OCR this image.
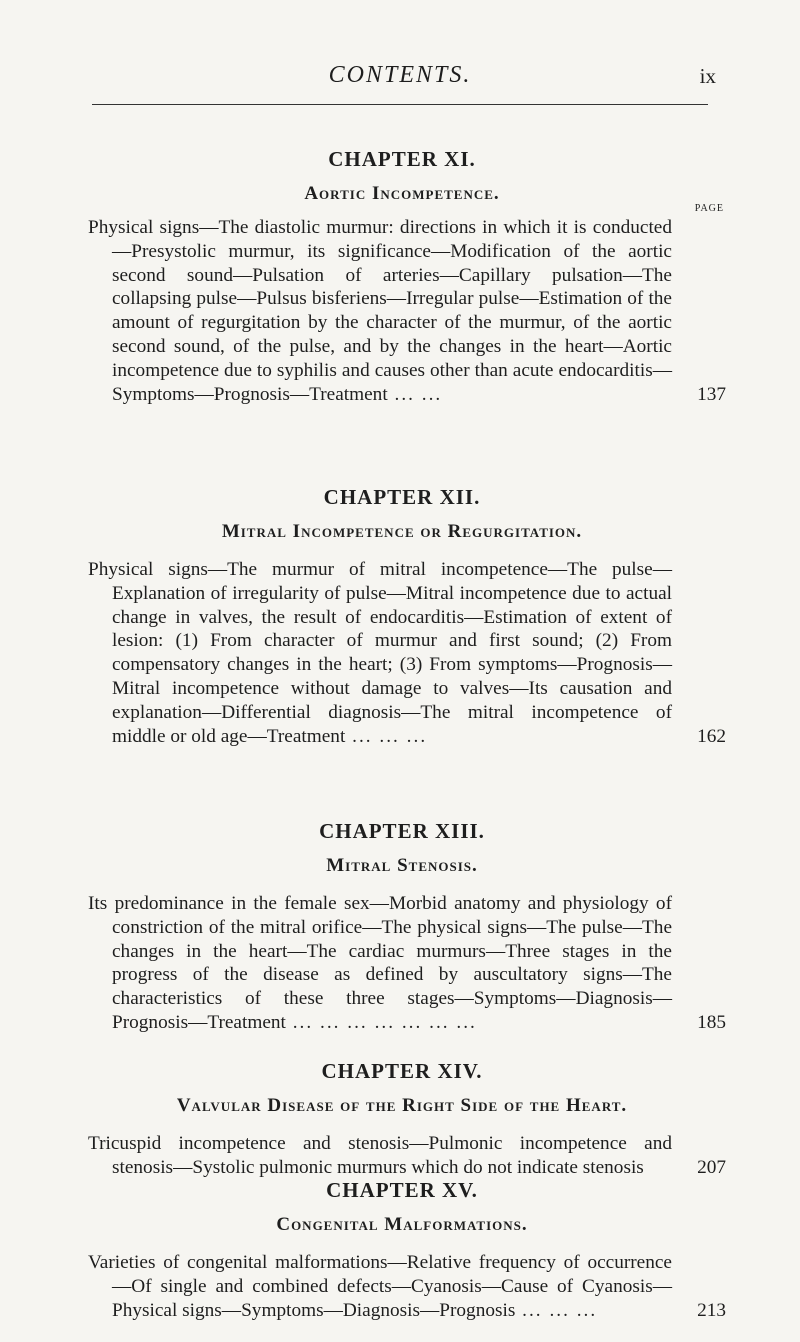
CONTENTS.	ix
CHAPTER XI.
Aortic Incompetence.
PAGE

Physical signs—The diastolic murmur: directions in which it is conducted—Presystolic murmur, its significance—Modification of the aortic second sound—Pulsation of arteries—Capillary pulsation—The collapsing pulse—Pulsus bisferiens—Irregular pulse—Estimation of the amount of regurgitation by the character of the murmur, of the aortic second sound, of the pulse, and by the changes in the heart—Aortic incompetence due to syphilis and causes other than acute endocarditis—Symptoms—Prognosis—Treatment ... ...	137

CHAPTER XII.
Mitral Incompetence or Regurgitation.

Physical signs—The murmur of mitral incompetence—The pulse—Explanation of irregularity of pulse—Mitral incompetence due to actual change in valves, the result of endocarditis—Estimation of extent of lesion: (1) From character of murmur and first sound; (2) From compensatory changes in the heart; (3) From symptoms—Prognosis—Mitral incompetence without damage to valves—Its causation and explanation—Differential diagnosis—The mitral incompetence of middle or old age—Treatment ... ... ...	162

CHAPTER XIII.
Mitral Stenosis.

Its predominance in the female sex—Morbid anatomy and physiology of constriction of the mitral orifice—The physical signs—The pulse—The changes in the heart—The cardiac murmurs—Three stages in the progress of the disease as defined by auscultatory signs—The characteristics of these three stages—Symptoms—Diagnosis—Prognosis—Treatment ... ... ... ... ... ... ...	185

CHAPTER XIV.
Valvular Disease of the Right Side of the Heart.

Tricuspid incompetence and stenosis—Pulmonic incompetence and stenosis—Systolic pulmonic murmurs which do not indicate stenosis	207

CHAPTER XV.
Congenital Malformations.

Varieties of congenital malformations—Relative frequency of occurrence—Of single and combined defects—Cyanosis—Cause of Cyanosis—Physical signs—Symptoms—Diagnosis—Prognosis ... ... ...	213
